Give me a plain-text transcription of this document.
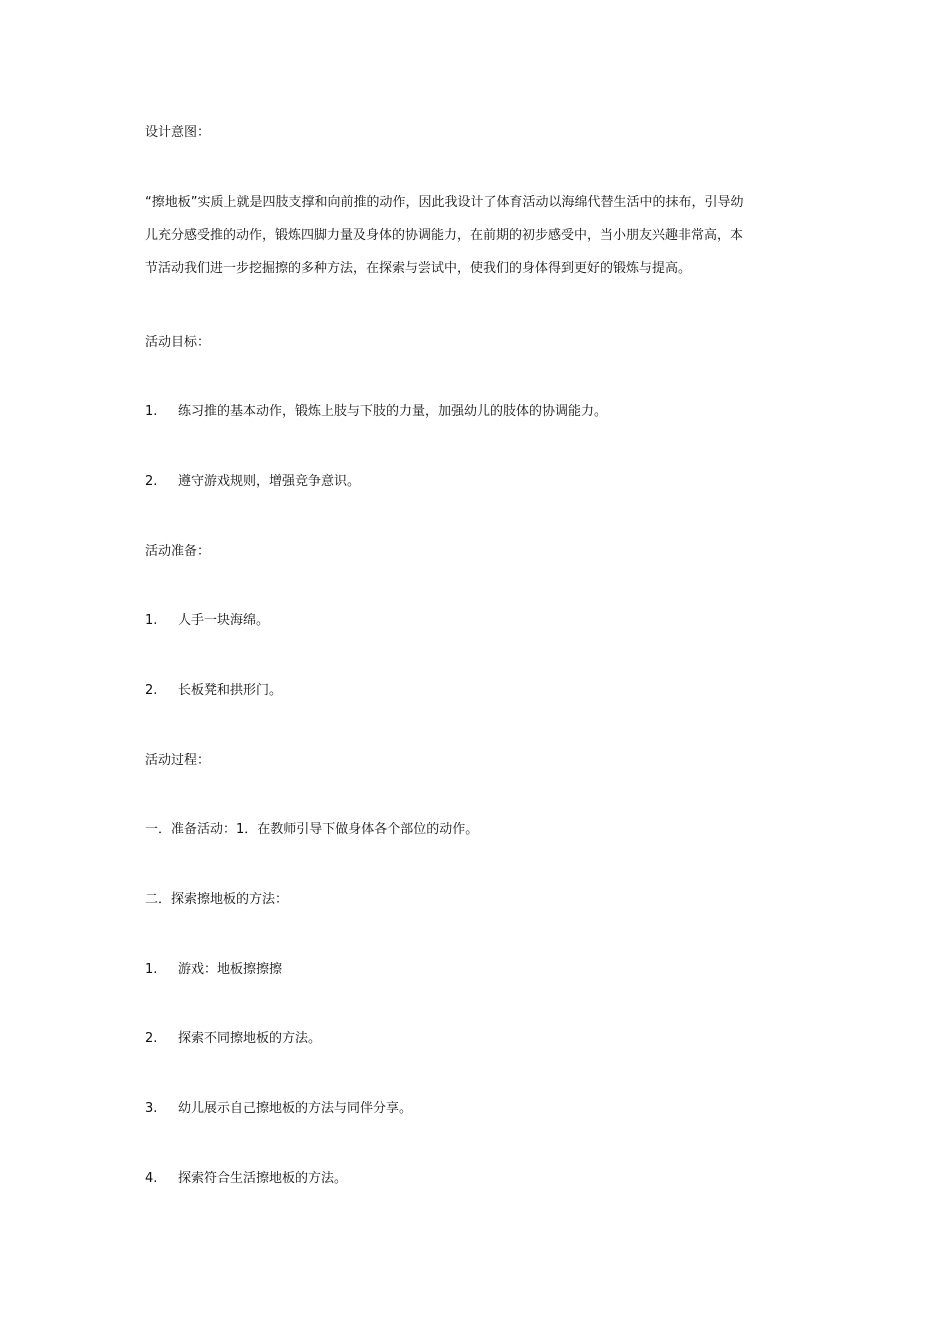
设计意图：
“擦地板”实质上就是四肢支撑和向前推的动作，因此我设计了体育活动以海绵代替生活中的抹布，引导幼
儿充分感受推的动作，锻炼四脚力量及身体的协调能力，在前期的初步感受中，当小朋友兴趣非常高，本
节活动我们进一步挖掘擦的多种方法，在探索与尝试中，使我们的身体得到更好的锻炼与提高。
活动目标：
1. 练习推的基本动作，锻炼上肢与下肢的力量，加强幼儿的肢体的协调能力。
2. 遵守游戏规则，增强竞争意识。
活动准备：
1. 人手一块海绵。
2. 长板凳和拱形门。
活动过程：
一．准备活动：1．在教师引导下做身体各个部位的动作。
二．探索擦地板的方法：
1. 游戏：地板擦擦擦
2. 探索不同擦地板的方法。
3. 幼儿展示自己擦地板的方法与同伴分享。
4. 探索符合生活擦地板的方法。
